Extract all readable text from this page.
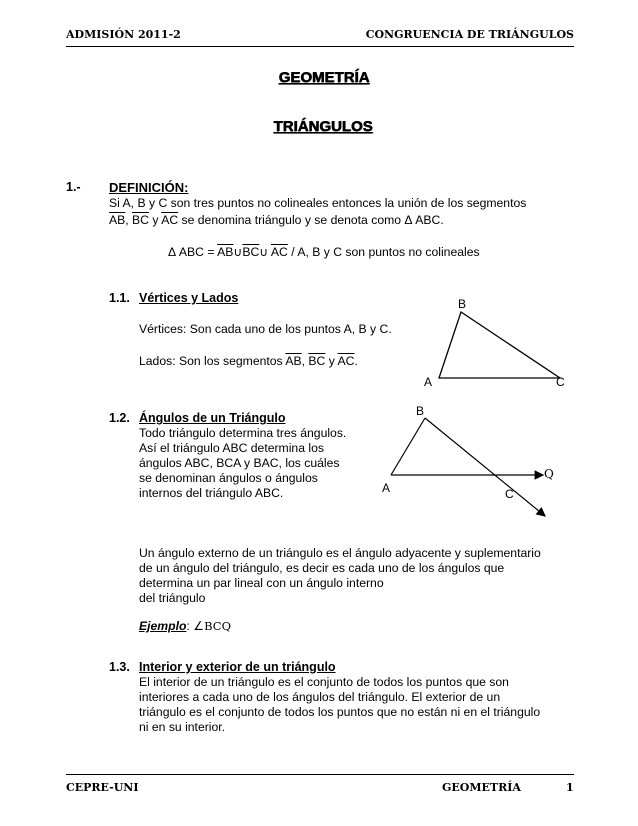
ADMISIÓN 2011-2	CONGRUENCIA DE TRIÁNGULOS
GEOMETRÍA
TRIÁNGULOS
1.- DEFINICIÓN:
Si A, B y C son tres puntos no colineales entonces la unión de los segmentos
$\overline{AB}$, $\overline{BC}$ y $\overline{AC}$ se denomina triángulo y se denota como Δ ABC.
Δ ABC = $\overline{AB}\cup\overline{BC}\cup$ $\overline{AC}$ / A, B y C son puntos no colineales
1.1. Vértices y Lados
Vértices: Son cada uno de los puntos A, B y C.
Lados: Son los segmentos $\overline{AB}$, $\overline{BC}$ y $\overline{AC}$.
B
A	C
1.2. Ángulos de un Triángulo
Todo triángulo determina tres ángulos.
Así el triángulo ABC determina los
ángulos ABC, BCA y BAC, los cuáles
se denominan ángulos o ángulos
internos del triángulo ABC.
B
A	C
Q
Un ángulo externo de un triángulo es el ángulo adyacente y suplementario
de un ángulo del triángulo, es decir es cada uno de los ángulos que
determina un par lineal con un ángulo interno
del triángulo
Ejemplo: ∠BCQ
1.3. Interior y exterior de un triángulo
El interior de un triángulo es el conjunto de todos los puntos que son
interiores a cada uno de los ángulos del triángulo. El exterior de un
triángulo es el conjunto de todos los puntos que no están ni en el triángulo
ni en su interior.
CEPRE-UNI	GEOMETRÍA	1
